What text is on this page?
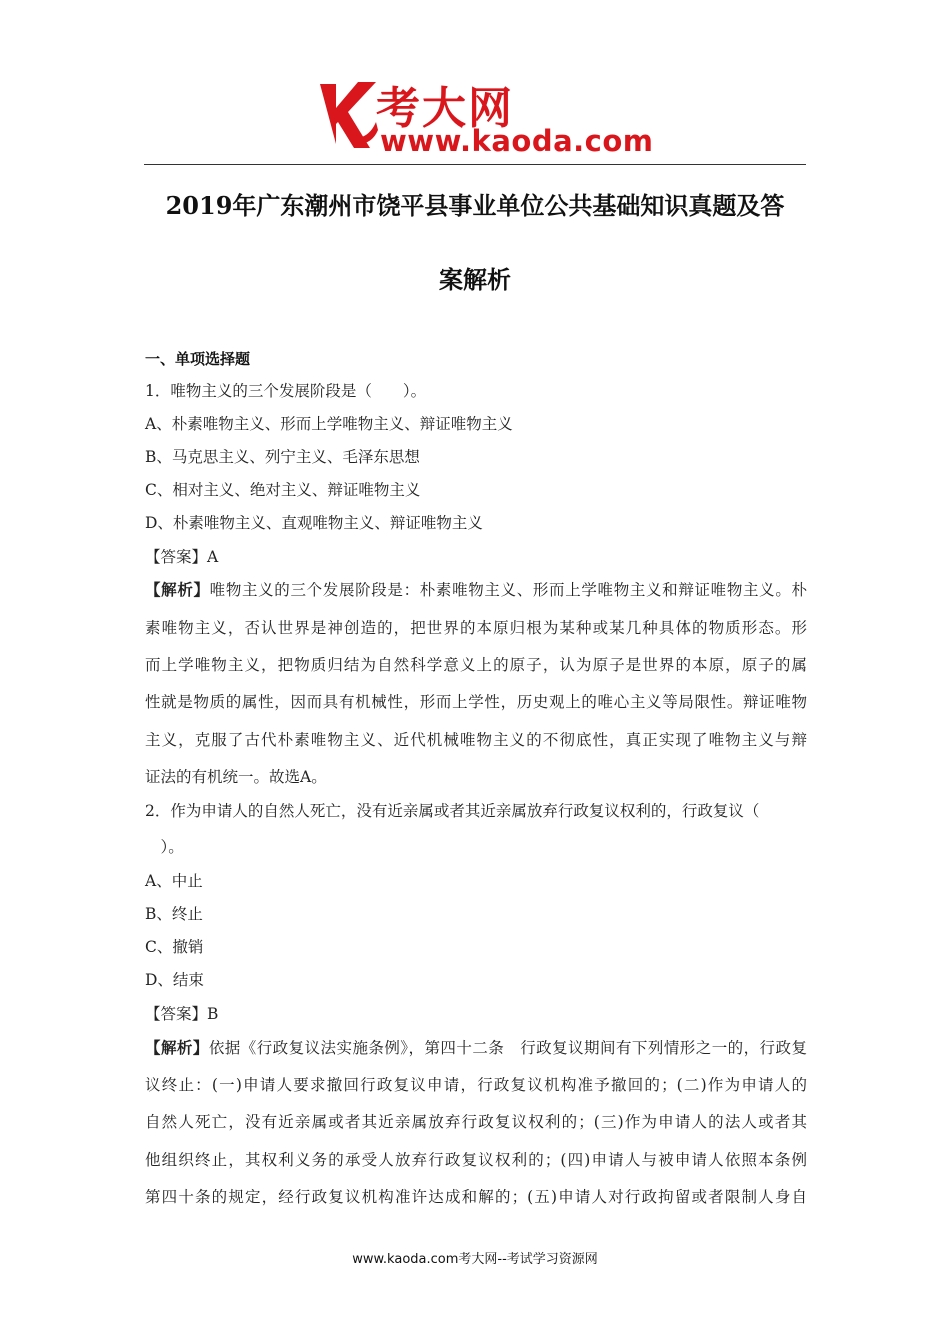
考大网
www.kaoda.com
2019年广东潮州市饶平县事业单位公共基础知识真题及答
案解析
一、单项选择题
1．唯物主义的三个发展阶段是（　　）。
A、朴素唯物主义、形而上学唯物主义、辩证唯物主义
B、马克思主义、列宁主义、毛泽东思想
C、相对主义、绝对主义、辩证唯物主义
D、朴素唯物主义、直观唯物主义、辩证唯物主义
【答案】A
【解析】唯物主义的三个发展阶段是：朴素唯物主义、形而上学唯物主义和辩证唯物主义。朴
素唯物主义，否认世界是神创造的，把世界的本原归根为某种或某几种具体的物质形态。形
而上学唯物主义，把物质归结为自然科学意义上的原子，认为原子是世界的本原，原子的属
性就是物质的属性，因而具有机械性，形而上学性，历史观上的唯心主义等局限性。辩证唯物
主义，克服了古代朴素唯物主义、近代机械唯物主义的不彻底性，真正实现了唯物主义与辩
证法的有机统一。故选A。
2．作为申请人的自然人死亡，没有近亲属或者其近亲属放弃行政复议权利的，行政复议（
　）。
A、中止
B、终止
C、撤销
D、结束
【答案】B
【解析】依据《行政复议法实施条例》，第四十二条　行政复议期间有下列情形之一的，行政复
议终止：(一)申请人要求撤回行政复议申请，行政复议机构准予撤回的；(二)作为申请人的
自然人死亡，没有近亲属或者其近亲属放弃行政复议权利的；(三)作为申请人的法人或者其
他组织终止，其权利义务的承受人放弃行政复议权利的；(四)申请人与被申请人依照本条例
第四十条的规定，经行政复议机构准许达成和解的；(五)申请人对行政拘留或者限制人身自
www.kaoda.com考大网--考试学习资源网
